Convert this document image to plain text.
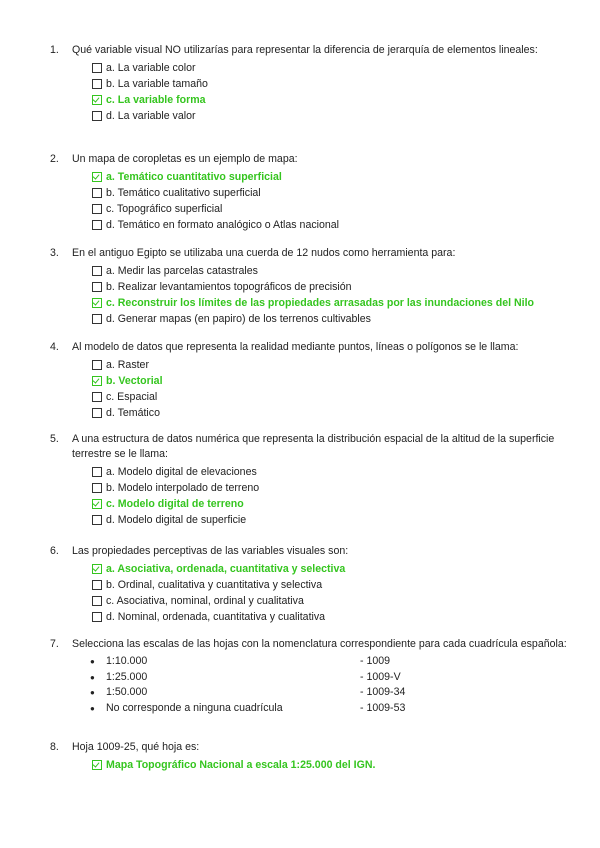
1. Qué variable visual NO utilizarías para representar la diferencia de jerarquía de elementos lineales:
a. La variable color
b. La variable tamaño
c. La variable forma
d. La variable valor
2. Un mapa de coropletas es un ejemplo de mapa:
a. Temático cuantitativo superficial
b. Temático cualitativo superficial
c. Topográfico superficial
d. Temático en formato analógico o Atlas nacional
3. En el antiguo Egipto se utilizaba una cuerda de 12 nudos como herramienta para:
a. Medir las parcelas catastrales
b. Realizar levantamientos topográficos de precisión
c. Reconstruir los límites de las propiedades arrasadas por las inundaciones del Nilo
d. Generar mapas (en papiro) de los terrenos cultivables
4. Al modelo de datos que representa la realidad mediante puntos, líneas o polígonos se le llama:
a. Raster
b. Vectorial
c. Espacial
d. Temático
5. A una estructura de datos numérica que representa la distribución espacial de la altitud de la superficie terrestre se le llama:
a. Modelo digital de elevaciones
b. Modelo interpolado de terreno
c. Modelo digital de terreno
d. Modelo digital de superficie
6. Las propiedades perceptivas de las variables visuales son:
a. Asociativa, ordenada, cuantitativa y selectiva
b. Ordinal, cualitativa y cuantitativa y selectiva
c. Asociativa, nominal, ordinal y cualitativa
d. Nominal, ordenada, cuantitativa y cualitativa
7. Selecciona las escalas de las hojas con la nomenclatura correspondiente para cada cuadrícula española:
● 1:10.000	- 1009
● 1:25.000	- 1009-V
● 1:50.000	- 1009-34
● No corresponde a ninguna cuadrícula	- 1009-53
8. Hoja 1009-25, qué hoja es:
Mapa Topográfico Nacional a escala 1:25.000 del IGN.
